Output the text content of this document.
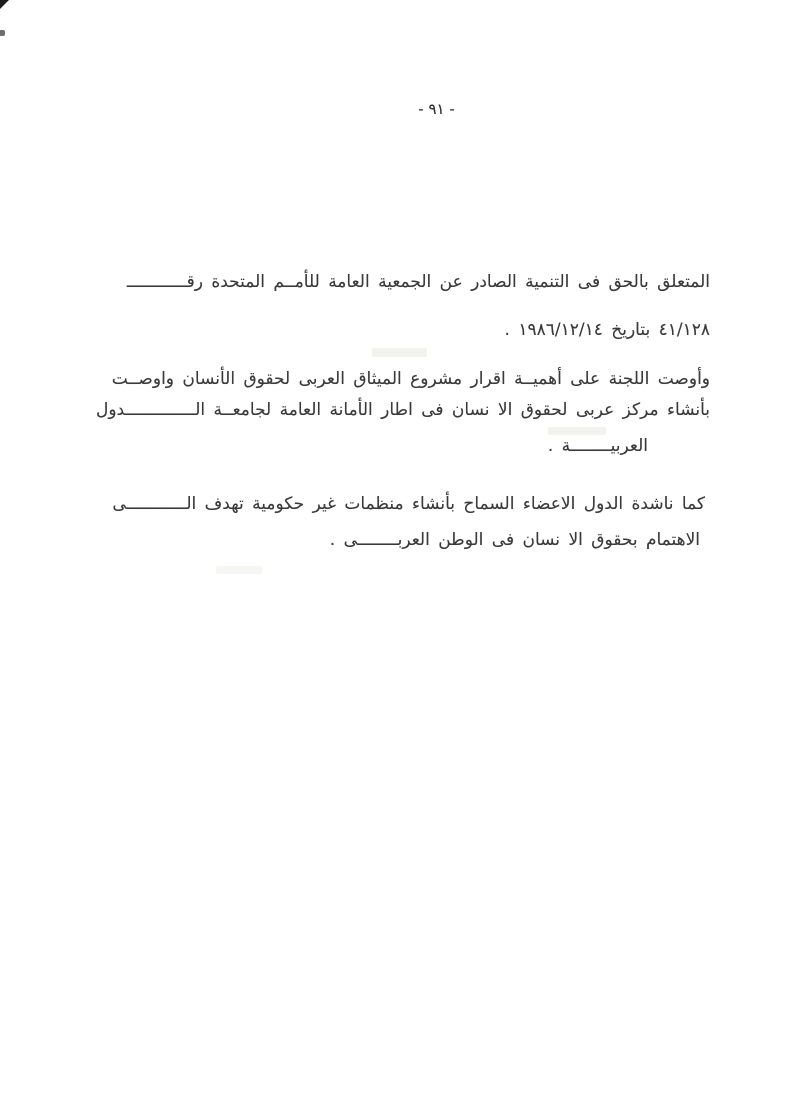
- ٩١ -
المتعلق بالحق فى التنمية الصادر عن الجمعية العامة للأمــم المتحدة رقــــــــــــ
٤١/١٢٨ بتاريخ ١٩٨٦/١٢/١٤ .
وأوصت اللجنة على أهميــة اقرار مشروع الميثاق العربى لحقوق الأنسان واوصــت
بأنشاء مركز عربى لحقوق الا نسان فى اطار الأمانة العامة لجامعــة الــــــــــــــدول
العربيــــــــة .
كما ناشدة الدول الاعضاء السماح بأنشاء منظمات غير حكومية تهدف الــــــــــــى
الاهتمام بحقوق الا نسان فى الوطن العربــــــــى .
